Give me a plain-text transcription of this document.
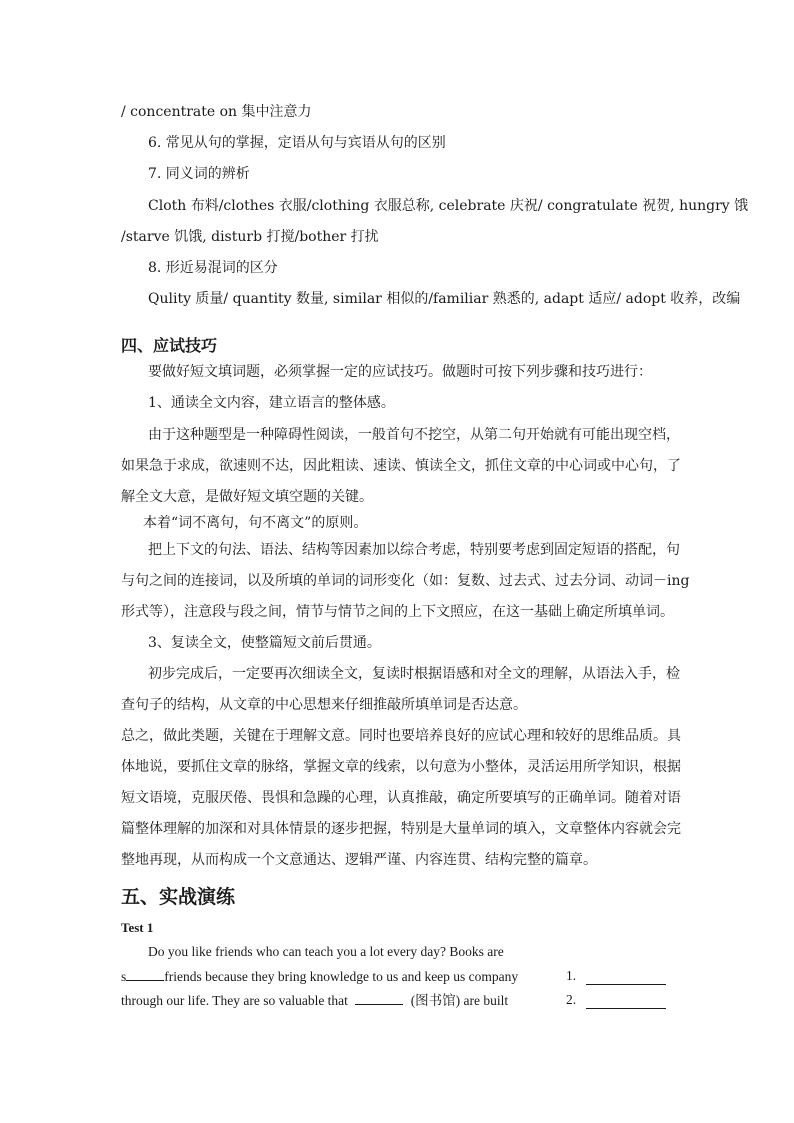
/ concentrate on 集中注意力
6. 常见从句的掌握，定语从句与宾语从句的区别
7. 同义词的辨析
Cloth 布料/clothes 衣服/clothing 衣服总称, celebrate 庆祝/ congratulate 祝贺, hungry 饿
/starve 饥饿, disturb 打搅/bother 打扰
8. 形近易混词的区分
Qulity 质量/ quantity 数量, similar 相似的/familiar 熟悉的, adapt 适应/ adopt 收养，改编
四、应试技巧
要做好短文填词题，必须掌握一定的应试技巧。做题时可按下列步骤和技巧进行：
1、通读全文内容，建立语言的整体感。
由于这种题型是一种障碍性阅读，一般首句不挖空，从第二句开始就有可能出现空档，
如果急于求成，欲速则不达，因此粗读、速读、慎读全文，抓住文章的中心词或中心句，了
解全文大意，是做好短文填空题的关键。
本着“词不离句，句不离文”的原则。
把上下文的句法、语法、结构等因素加以综合考虑，特别要考虑到固定短语的搭配，句
与句之间的连接词，以及所填的单词的词形变化（如：复数、过去式、过去分词、动词－ing
形式等），注意段与段之间，情节与情节之间的上下文照应，在这一基础上确定所填单词。
3、复读全文，使整篇短文前后贯通。
初步完成后，一定要再次细读全文，复读时根据语感和对全文的理解，从语法入手，检
查句子的结构，从文章的中心思想来仔细推敲所填单词是否达意。
总之，做此类题，关键在于理解文意。同时也要培养良好的应试心理和较好的思维品质。具
体地说，要抓住文章的脉络，掌握文章的线索，以句意为小整体，灵活运用所学知识，根据
短文语境，克服厌倦、畏惧和急躁的心理，认真推敲，确定所要填写的正确单词。随着对语
篇整体理解的加深和对具体情景的逐步把握，特别是大量单词的填入，文章整体内容就会完
整地再现，从而构成一个文意通达、逻辑严谨、内容连贯、结构完整的篇章。
五、实战演练
Test 1
Do you like friends who can teach you a lot every day? Books are
s	friends because they bring knowledge to us and keep us company
through our life. They are so valuable that	(图书馆) are built
1.
2.
